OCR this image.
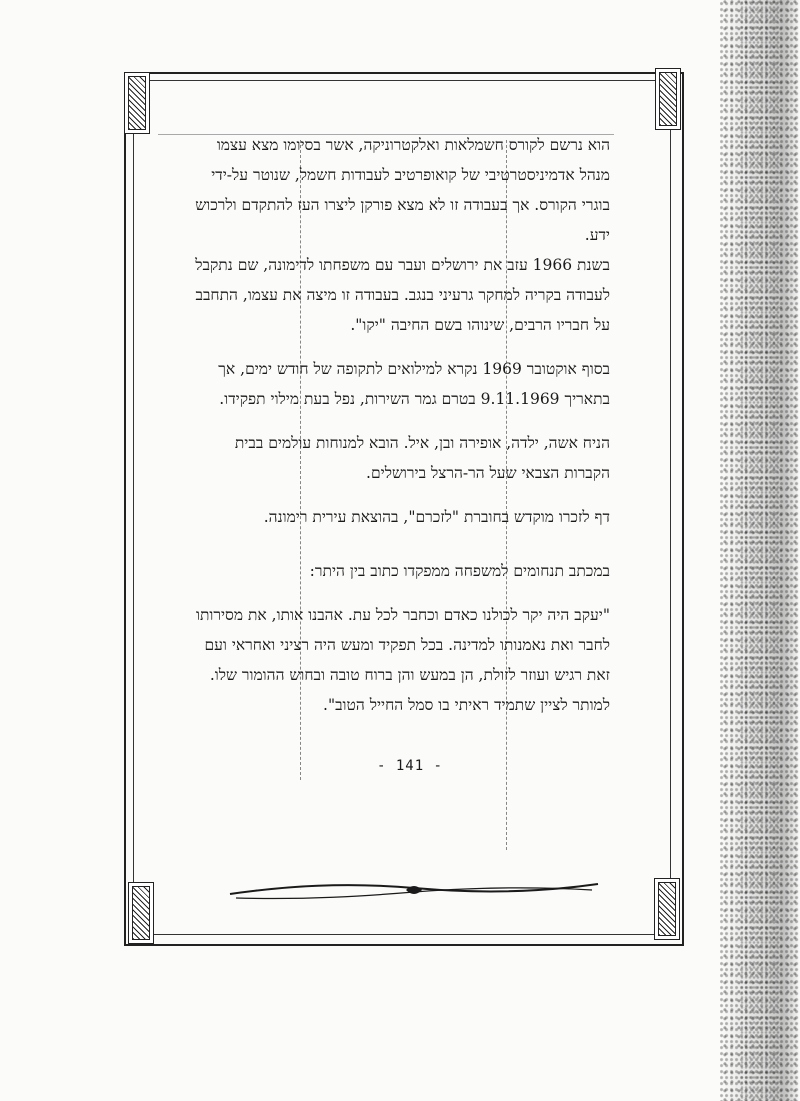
הוא נרשם לקורס חשמלאות ואלקטרוניקה, אשר בסיומו מצא עצמו מנהל אדמיניסטרטיבי של קואופרטיב לעבודות חשמל, שנוטר על-ידי בוגרי הקורס. אך בעבודה זו לא מצא פורקן ליצרו העז להתקדם ולרכוש ידע.

בשנת 1966 עזב את ירושלים ועבר עם משפחתו לדימונה, שם נתקבל לעבודה בקריה למחקר גרעיני בנגב. בעבודה זו מיצה את עצמו, התחבב על חבריו הרבים, שינוהו בשם החיבה "יקו".

בסוף אוקטובר 1969 נקרא למילואים לתקופה של חודש ימים, אך בתאריך 9.11.1969 בטרם גמר השירות, נפל בעת מילוי תפקידו.

הניח אשה, ילדה, אופירה ובן, איל. הובא למנוחות עולמים בבית הקברות הצבאי שעל הר-הרצל בירושלים.

דף לזכרו מוקדש בחוברת "לזכרם", בהוצאת עירית רימונה.

במכתב תנחומים למשפחה ממפקדו כתוב בין היתר:

"יעקב היה יקר לכולנו כאדם וכחבר לכל עת. אהבנו אותו, את מסירותו לחבר ואת נאמנותו למדינה. בכל תפקיד ומעש היה רציני ואחראי ועם זאת רגיש ועוזר לזולת, הן במעש והן ברוח טובה ובחוש ההומור שלו. למותר לציין שתמיד ראיתי בו סמל החייל הטוב".

- 141 -
